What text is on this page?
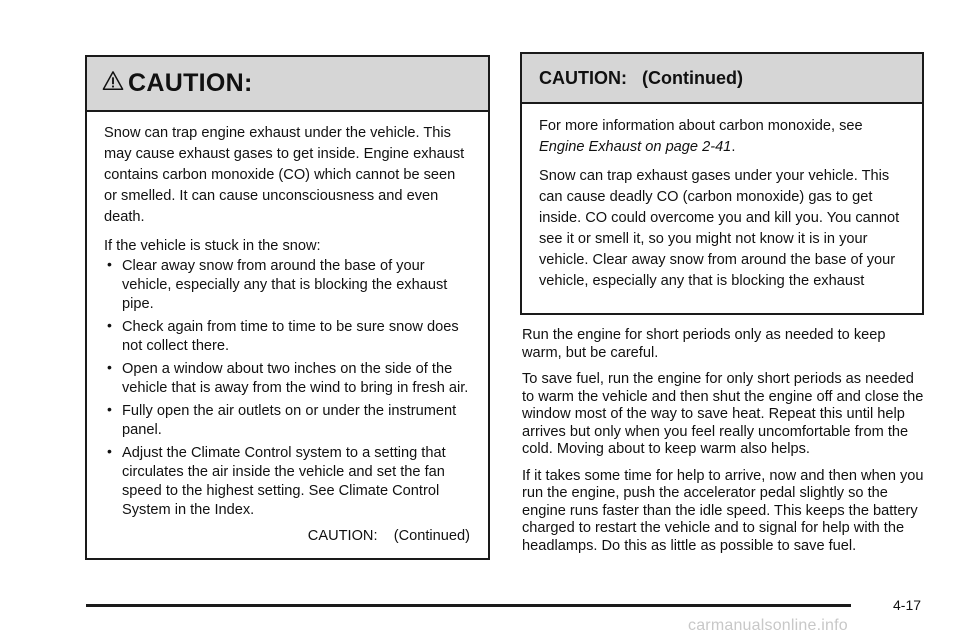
CAUTION:

Snow can trap engine exhaust under the vehicle. This may cause exhaust gases to get inside. Engine exhaust contains carbon monoxide (CO) which cannot be seen or smelled. It can cause unconsciousness and even death.

If the vehicle is stuck in the snow:

• Clear away snow from around the base of your vehicle, especially any that is blocking the exhaust pipe.
• Check again from time to time to be sure snow does not collect there.
• Open a window about two inches on the side of the vehicle that is away from the wind to bring in fresh air.
• Fully open the air outlets on or under the instrument panel.
• Adjust the Climate Control system to a setting that circulates the air inside the vehicle and set the fan speed to the highest setting. See Climate Control System in the Index.
CAUTION:    (Continued)
CAUTION:   (Continued)

For more information about carbon monoxide, see Engine Exhaust on page 2-41.

Snow can trap exhaust gases under your vehicle. This can cause deadly CO (carbon monoxide) gas to get inside. CO could overcome you and kill you. You cannot see it or smell it, so you might not know it is in your vehicle. Clear away snow from around the base of your vehicle, especially any that is blocking the exhaust

Run the engine for short periods only as needed to keep warm, but be careful.

To save fuel, run the engine for only short periods as needed to warm the vehicle and then shut the engine off and close the window most of the way to save heat. Repeat this until help arrives but only when you feel really uncomfortable from the cold. Moving about to keep warm also helps.

If it takes some time for help to arrive, now and then when you run the engine, push the accelerator pedal slightly so the engine runs faster than the idle speed. This keeps the battery charged to restart the vehicle and to signal for help with the headlamps. Do this as little as possible to save fuel.

4-17
carmanualsonline.info
